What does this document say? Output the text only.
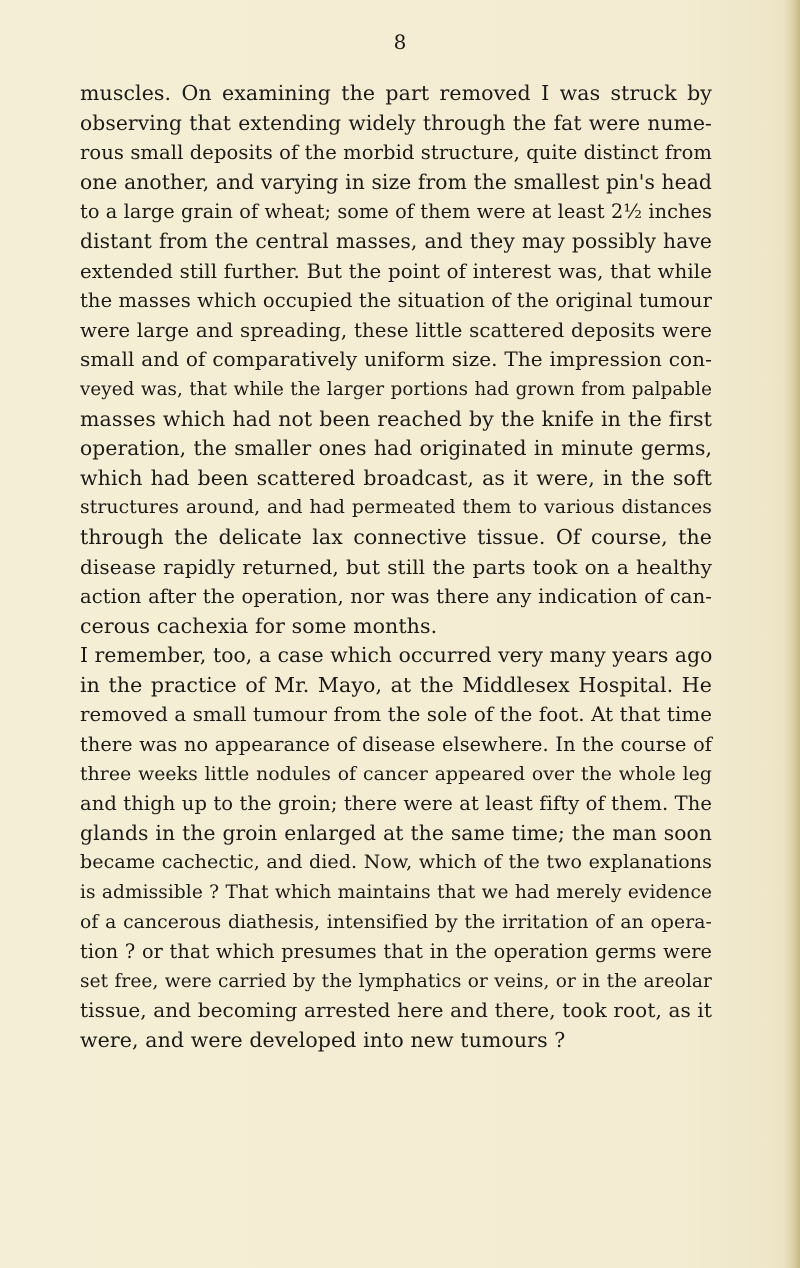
8
muscles. On examining the part removed I was struck by
observing that extending widely through the fat were nume-
rous small deposits of the morbid structure, quite distinct from
one another, and varying in size from the smallest pin's head
to a large grain of wheat; some of them were at least 2½ inches
distant from the central masses, and they may possibly have
extended still further. But the point of interest was, that while
the masses which occupied the situation of the original tumour
were large and spreading, these little scattered deposits were
small and of comparatively uniform size. The impression con-
veyed was, that while the larger portions had grown from palpable
masses which had not been reached by the knife in the first
operation, the smaller ones had originated in minute germs,
which had been scattered broadcast, as it were, in the soft
structures around, and had permeated them to various distances
through the delicate lax connective tissue. Of course, the
disease rapidly returned, but still the parts took on a healthy
action after the operation, nor was there any indication of can-
cerous cachexia for some months.
I remember, too, a case which occurred very many years ago
in the practice of Mr. Mayo, at the Middlesex Hospital. He
removed a small tumour from the sole of the foot. At that time
there was no appearance of disease elsewhere. In the course of
three weeks little nodules of cancer appeared over the whole leg
and thigh up to the groin; there were at least fifty of them. The
glands in the groin enlarged at the same time; the man soon
became cachectic, and died. Now, which of the two explanations
is admissible ? That which maintains that we had merely evidence
of a cancerous diathesis, intensified by the irritation of an opera-
tion ? or that which presumes that in the operation germs were
set free, were carried by the lymphatics or veins, or in the areolar
tissue, and becoming arrested here and there, took root, as it
were, and were developed into new tumours ?
